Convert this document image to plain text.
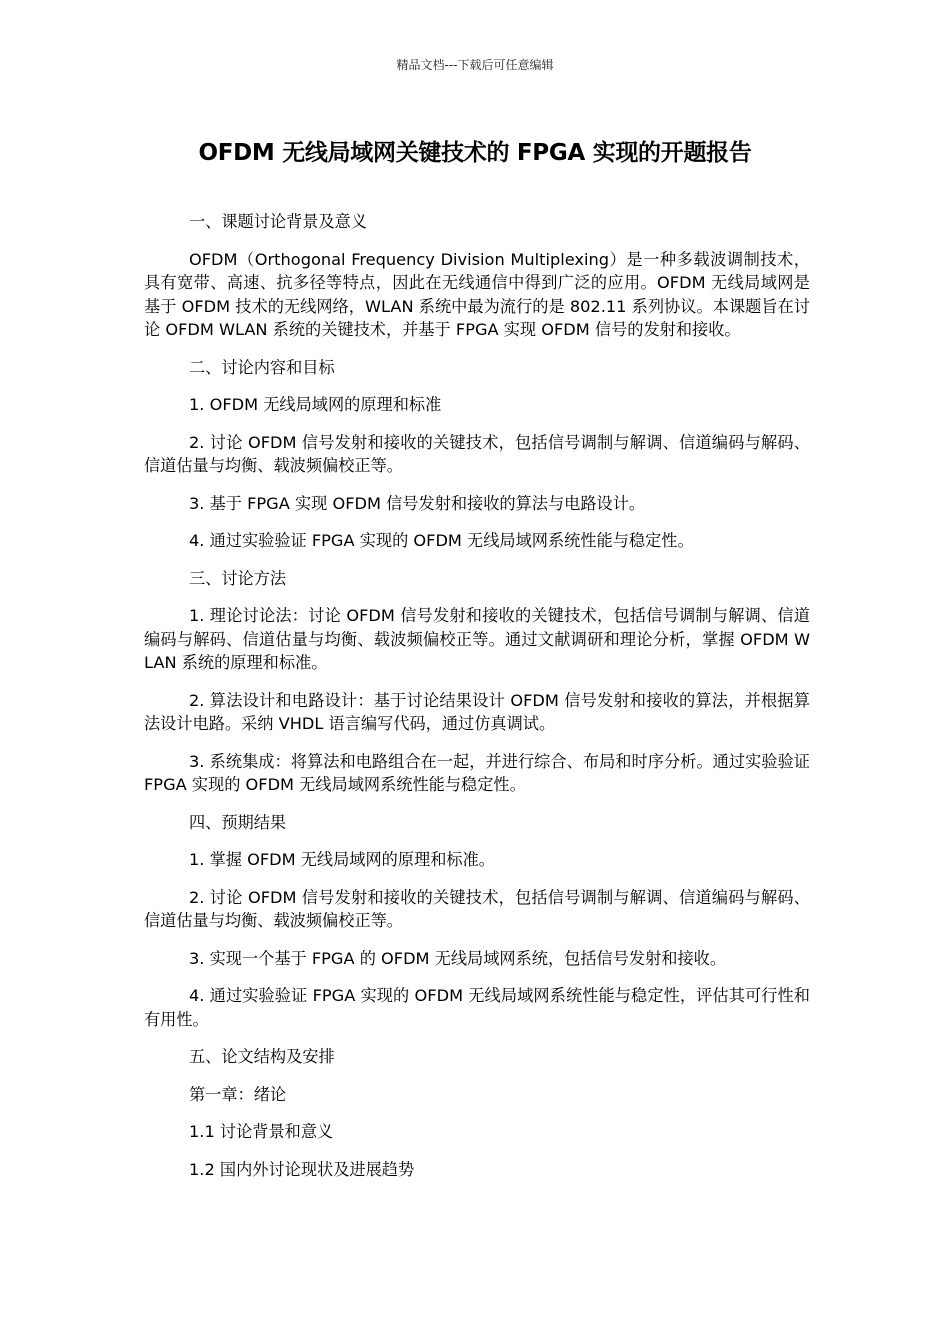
精品文档---下载后可任意编辑
OFDM 无线局域网关键技术的 FPGA 实现的开题报告

一、课题讨论背景及意义

OFDM（Orthogonal Frequency Division Multiplexing）是一种多载波调制技术，具有宽带、高速、抗多径等特点，因此在无线通信中得到广泛的应用。OFDM 无线局域网是基于 OFDM 技术的无线网络，WLAN 系统中最为流行的是 802.11 系列协议。本课题旨在讨论 OFDM WLAN 系统的关键技术，并基于 FPGA 实现 OFDM 信号的发射和接收。

二、讨论内容和目标

1. OFDM 无线局域网的原理和标准

2. 讨论 OFDM 信号发射和接收的关键技术，包括信号调制与解调、信道编码与解码、信道估量与均衡、载波频偏校正等。

3. 基于 FPGA 实现 OFDM 信号发射和接收的算法与电路设计。

4. 通过实验验证 FPGA 实现的 OFDM 无线局域网系统性能与稳定性。

三、讨论方法

1. 理论讨论法：讨论 OFDM 信号发射和接收的关键技术，包括信号调制与解调、信道编码与解码、信道估量与均衡、载波频偏校正等。通过文献调研和理论分析，掌握 OFDM WLAN 系统的原理和标准。

2. 算法设计和电路设计：基于讨论结果设计 OFDM 信号发射和接收的算法，并根据算法设计电路。采纳 VHDL 语言编写代码，通过仿真调试。

3. 系统集成：将算法和电路组合在一起，并进行综合、布局和时序分析。通过实验验证 FPGA 实现的 OFDM 无线局域网系统性能与稳定性。

四、预期结果

1. 掌握 OFDM 无线局域网的原理和标准。

2. 讨论 OFDM 信号发射和接收的关键技术，包括信号调制与解调、信道编码与解码、信道估量与均衡、载波频偏校正等。

3. 实现一个基于 FPGA 的 OFDM 无线局域网系统，包括信号发射和接收。

4. 通过实验验证 FPGA 实现的 OFDM 无线局域网系统性能与稳定性，评估其可行性和有用性。

五、论文结构及安排

第一章：绪论

1.1 讨论背景和意义

1.2 国内外讨论现状及进展趋势
